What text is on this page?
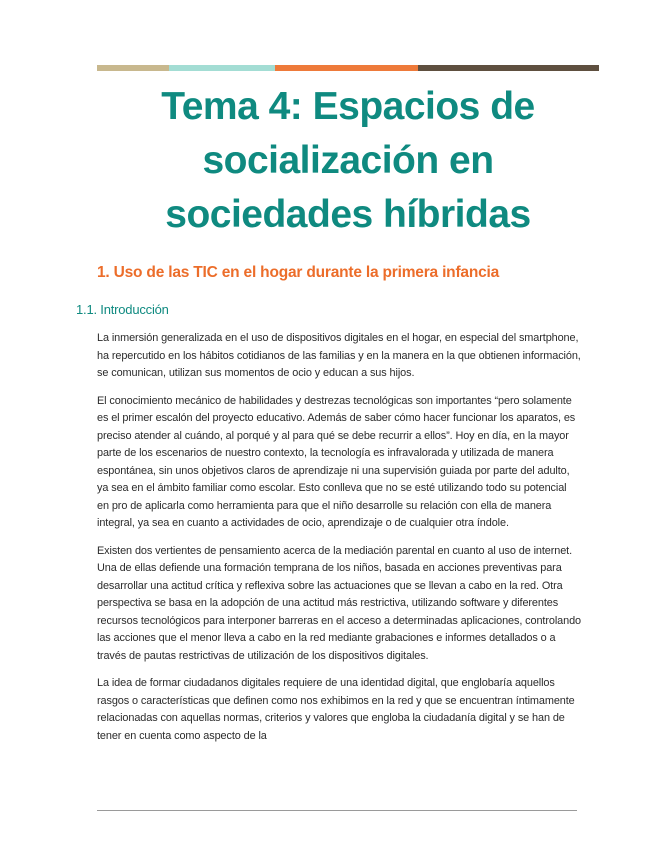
Tema 4: Espacios de socialización en sociedades híbridas
1. Uso de las TIC en el hogar durante la primera infancia
1.1. Introducción

La inmersión generalizada en el uso de dispositivos digitales en el hogar, en especial del smartphone, ha repercutido en los hábitos cotidianos de las familias y en la manera en la que obtienen información, se comunican, utilizan sus momentos de ocio y educan a sus hijos.

El conocimiento mecánico de habilidades y destrezas tecnológicas son importantes “pero solamente es el primer escalón del proyecto educativo. Además de saber cómo hacer funcionar los aparatos, es preciso atender al cuándo, al porqué y al para qué se debe recurrir a ellos”. Hoy en día, en la mayor parte de los escenarios de nuestro contexto, la tecnología es infravalorada y utilizada de manera espontánea, sin unos objetivos claros de aprendizaje ni una supervisión guiada por parte del adulto, ya sea en el ámbito familiar como escolar. Esto conlleva que no se esté utilizando todo su potencial en pro de aplicarla como herramienta para que el niño desarrolle su relación con ella de manera integral, ya sea en cuanto a actividades de ocio, aprendizaje o de cualquier otra índole.

Existen dos vertientes de pensamiento acerca de la mediación parental en cuanto al uso de internet. Una de ellas defiende una formación temprana de los niños, basada en acciones preventivas para desarrollar una actitud crítica y reflexiva sobre las actuaciones que se llevan a cabo en la red. Otra perspectiva se basa en la adopción de una actitud más restrictiva, utilizando software y diferentes recursos tecnológicos para interponer barreras en el acceso a determinadas aplicaciones, controlando las acciones que el menor lleva a cabo en la red mediante grabaciones e informes detallados o a través de pautas restrictivas de utilización de los dispositivos digitales.

La idea de formar ciudadanos digitales requiere de una identidad digital, que englobaría aquellos rasgos o características que definen como nos exhibimos en la red y que se encuentran íntimamente relacionadas con aquellas normas, criterios y valores que engloba la ciudadanía digital y se han de tener en cuenta como aspecto de la
